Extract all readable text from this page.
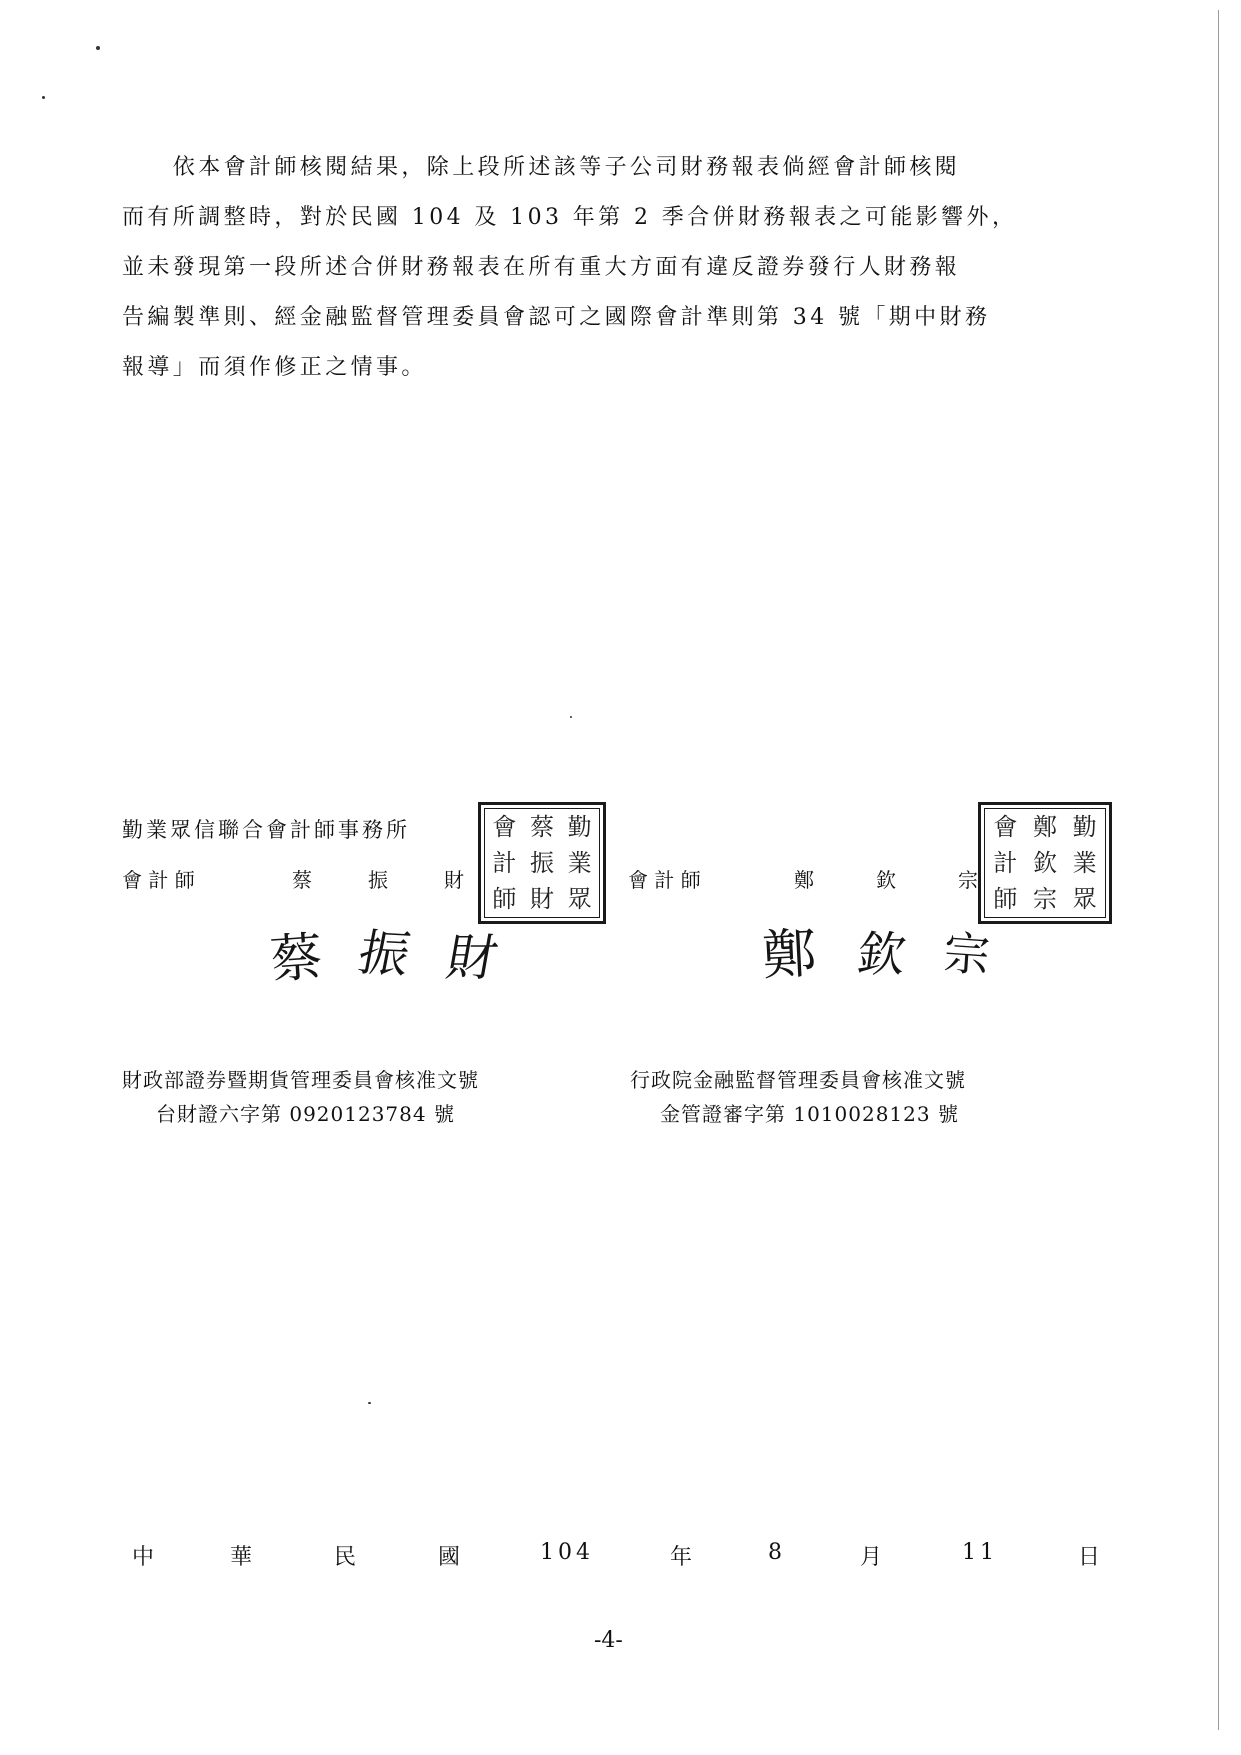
　　依本會計師核閱結果，除上段所述該等子公司財務報表倘經會計師核閱
而有所調整時，對於民國 104 及 103 年第 2 季合併財務報表之可能影響外，
並未發現第一段所述合併財務報表在所有重大方面有違反證券發行人財務報
告編製準則、經金融監督管理委員會認可之國際會計準則第 34 號「期中財務
報導」而須作修正之情事。
勤業眾信聯合會計師事務所
會 計 師	蔡	振	財
會 蔡 勤
計 振 業
師 財 眾
會 計 師	鄭	欽	宗
會 鄭 勤
計 欽 業
師 宗 眾
蔡 振 財	鄭 欽 宗
財政部證券暨期貨管理委員會核准文號
台財證六字第 0920123784 號
行政院金融監督管理委員會核准文號
金管證審字第 1010028123 號
中	華	民	國	104	年	8	月	11	日
-4-
